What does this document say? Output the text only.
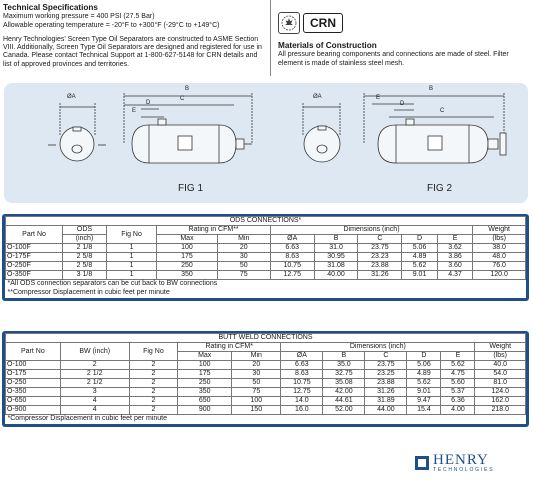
Technical Specifications
Maximum working pressure = 400 PSI (27.5 Bar)

Allowable operating temperature = -20°F to +300°F (-29°C to +149°C)

Henry Technologies' Screen Type Oil Separators are constructed to ASME Section VIII. Additionally, Screen Type Oil Separators are designed and registered for use in Canada. Please contact Technical Support at 1-800-627-5148 for CRN details and list of approved provinces and territories.

CRN
Materials of Construction
All pressure bearing components and connections are made of steel. Filter element is made of stainless steel mesh.
ØA
B
C
D
E
ØA
B
E
D
C
FIG 1	FIG 2
ODS CONNECTIONS*										
Part No	ODS	Fig No	Rating in CFM**		Dimensions (inch)					Weight
	(inch)		Max	Min	ØA	B	C	D	E	(lbs)
O-100F	2 1/8	1	100	20	6.63	31.0	23.75	5.06	3.62	38.0
O-175F	2 5/8	1	175	30	8.63	30.95	23.23	4.89	3.86	48.0
O-250F	2 5/8	1	250	50	10.75	31.08	23.88	5.62	3.60	76.0
O-350F	3 1/8	1	350	75	12.75	40.00	31.26	9.01	4.37	120.0
*All ODS connection separators can be cut back to BW connections										
**Compressor Displacement in cubic feet per minute										
BUTT WELD CONNECTIONS										
Part No	BW (inch)	Fig No	Rating in CFM*		Dimensions (inch)					Weight
			Max	Min	ØA	B	C	D	E	(lbs)
O-100	2	2	100	20	6.63	35.0	23.75	5.06	5.62	40.0
O-175	2 1/2	2	175	30	8.63	32.75	23.25	4.89	4.75	54.0
O-250	2 1/2	2	250	50	10.75	35.08	23.88	5.62	5.60	81.0
O-350	3	2	350	75	12.75	42.00	31.26	9.01	5.37	124.0
O-650	4	2	650	100	14.0	44.61	31.89	9.47	6.36	162.0
O-900	4	2	900	150	16.0	52.00	44.00	15.4	4.00	218.0
*Compressor Displacement in cubic feet per minute										
HENRY
TECHNOLOGIES
